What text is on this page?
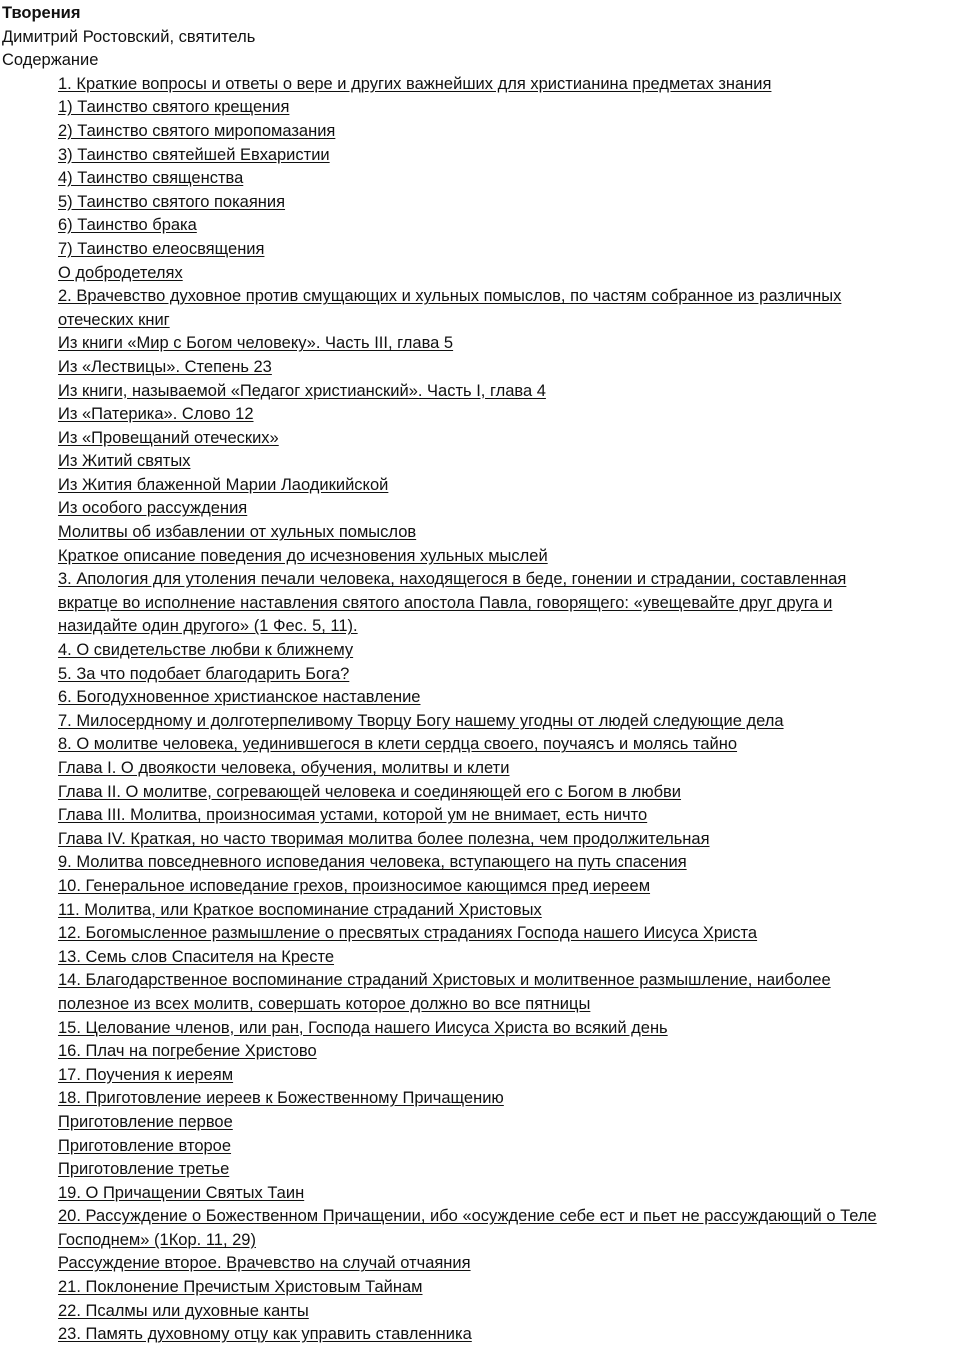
Творения
Димитрий Ростовский, святитель
Содержание
1. Краткие вопросы и ответы о вере и других важнейших для христианина предметах знания
1) Таинство святого крещения
2) Таинство святого миропомазания
3) Таинство святейшей Евхаристии
4) Таинство священства
5) Таинство святого покаяния
6) Таинство брака
7) Таинство елеосвящения
О добродетелях
2. Врачевство духовное против смущающих и хульных помыслов, по частям собранное из различных отеческих книг
Из книги «Мир с Богом человеку». Часть III, глава 5
Из «Лествицы». Степень 23
Из книги, называемой «Педагог христианский». Часть I, глава 4
Из «Патерика». Слово 12
Из «Провещаний отеческих»
Из Житий святых
Из Жития блаженной Марии Лаодикийской
Из особого рассуждения
Молитвы об избавлении от хульных помыслов
Краткое описание поведения до исчезновения хульных мыслей
3. Апология для утоления печали человека, находящегося в беде, гонении и страдании, составленная вкратце во исполнение наставления святого апостола Павла, говорящего: «увещевайте друг друга и назидайте один другого» (1 Фес. 5, 11).
4. О свидетельстве любви к ближнему
5. За что подобает благодарить Бога?
6. Богодухновенное христианское наставление
7. Милосердному и долготерпеливому Творцу Богу нашему угодны от людей следующие дела
8. О молитве человека, уединившегося в клети сердца своего, поучаясъ и молясь тайно
Глава I. О двоякости человека, обучения, молитвы и клети
Глава II. О молитве, согревающей человека и соединяющей его с Богом в любви
Глава III. Молитва, произносимая устами, которой ум не внимает, есть ничто
Глава IV. Краткая, но часто творимая молитва более полезна, чем продолжительная
9. Молитва повседневного исповедания человека, вступающего на путь спасения
10. Генеральное исповедание грехов, произносимое кающимся пред иереем
11. Молитва, или Краткое воспоминание страданий Христовых
12. Богомысленное размышление о пресвятых страданиях Господа нашего Иисуса Христа
13. Семь слов Спасителя на Кресте
14. Благодарственное воспоминание страданий Христовых и молитвенное размышление, наиболее полезное из всех молитв, совершать которое должно во все пятницы
15. Целование членов, или ран, Господа нашего Иисуса Христа во всякий день
16. Плач на погребение Христово
17. Поучения к иереям
18. Приготовление иереев к Божественному Причащению
Приготовление первое
Приготовление второе
Приготовление третье
19. О Причащении Святых Таин
20. Рассуждение о Божественном Причащении, ибо «осуждение себе ест и пьет не рассуждающий о Теле Господнем» (1Кор. 11, 29)
Рассуждение второе. Врачевство на случай отчаяния
21. Поклонение Пречистым Христовым Тайнам
22. Псалмы или духовные канты
23. Память духовному отцу как управить ставленника
